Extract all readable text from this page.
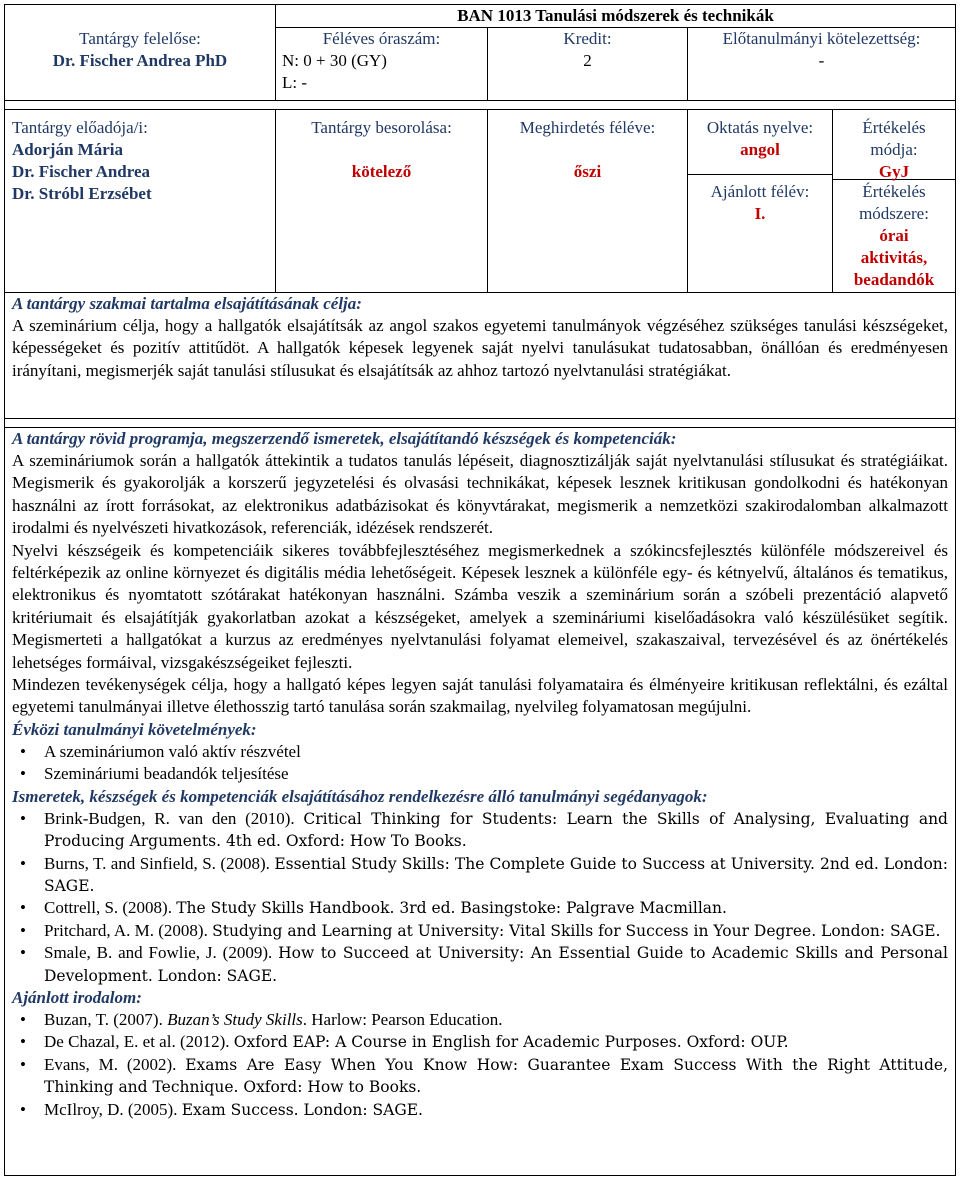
BAN 1013 Tanulási módszerek és technikák
Tantárgy felelőse:
Dr. Fischer Andrea PhD
Féléves óraszám:
N: 0 + 30 (GY)
L: -
Kredit:
2
Előtanulmányi kötelezettség:
-
Tantárgy előadója/i:
Adorján Mária
Dr. Fischer Andrea
Dr. Stróbl Erzsébet
Tantárgy besorolása:
kötelező
Meghirdetés féléve:
őszi
Oktatás nyelve:
angol
Ajánlott félév:
I.
Értékelés
módja:
GyJ
Értékelés
módszere:
órai
aktivitás,
beadandók
A tantárgy szakmai tartalma elsajátításának célja:

A szeminárium célja, hogy a hallgatók elsajátítsák az angol szakos egyetemi tanulmányok végzéséhez szükséges tanulási készségeket, képességeket és pozitív attitűdöt. A hallgatók képesek legyenek saját nyelvi tanulásukat tudatosabban, önállóan és eredményesen irányítani, megismerjék saját tanulási stílusukat és elsajátítsák az ahhoz tartozó nyelvtanulási stratégiákat.

A tantárgy rövid programja, megszerzendő ismeretek, elsajátítandó készségek és kompetenciák:

A szemináriumok során a hallgatók áttekintik a tudatos tanulás lépéseit, diagnosztizálják saját nyelvtanulási stílusukat és stratégiáikat. Megismerik és gyakorolják a korszerű jegyzetelési és olvasási technikákat, képesek lesznek kritikusan gondolkodni és hatékonyan használni az írott forrásokat, az elektronikus adatbázisokat és könyvtárakat, megismerik a nemzetközi szakirodalomban alkalmazott irodalmi és nyelvészeti hivatkozások, referenciák, idézések rendszerét.

Nyelvi készségeik és kompetenciáik sikeres továbbfejlesztéséhez megismerkednek a szókincsfejlesztés különféle módszereivel és feltérképezik az online környezet és digitális média lehetőségeit. Képesek lesznek a különféle egy- és kétnyelvű, általános és tematikus, elektronikus és nyomtatott szótárakat hatékonyan használni. Számba veszik a szeminárium során a szóbeli prezentáció alapvető kritériumait és elsajátítják gyakorlatban azokat a készségeket, amelyek a szemináriumi kiselőadásokra való készülésüket segítik. Megismerteti a hallgatókat a kurzus az eredményes nyelvtanulási folyamat elemeivel, szakaszaival, tervezésével és az önértékelés lehetséges formáival, vizsgakészségeiket fejleszti.

Mindezen tevékenységek célja, hogy a hallgató képes legyen saját tanulási folyamataira és élményeire kritikusan reflektálni, és ezáltal egyetemi tanulmányai illetve élethosszig tartó tanulása során szakmailag, nyelvileg folyamatosan megújulni.

Évközi tanulmányi követelmények:
• A szemináriumon való aktív részvétel
• Szemináriumi beadandók teljesítése
Ismeretek, készségek és kompetenciák elsajátításához rendelkezésre álló tanulmányi segédanyagok:
• Brink-Budgen, R. van den (2010). Critical Thinking for Students: Learn the Skills of Analysing, Evaluating and Producing Arguments. 4th ed. Oxford: How To Books.
• Burns, T. and Sinfield, S. (2008). Essential Study Skills: The Complete Guide to Success at University. 2nd ed. London: SAGE.
• Cottrell, S. (2008). The Study Skills Handbook. 3rd ed. Basingstoke: Palgrave Macmillan.
• Pritchard, A. M. (2008). Studying and Learning at University: Vital Skills for Success in Your Degree. London: SAGE.
• Smale, B. and Fowlie, J. (2009). How to Succeed at University: An Essential Guide to Academic Skills and Personal Development. London: SAGE.
Ajánlott irodalom:
• Buzan, T. (2007). Buzan’s Study Skills. Harlow: Pearson Education.
• De Chazal, E. et al. (2012). Oxford EAP: A Course in English for Academic Purposes. Oxford: OUP.
• Evans, M. (2002). Exams Are Easy When You Know How: Guarantee Exam Success With the Right Attitude, Thinking and Technique. Oxford: How to Books.
• McIlroy, D. (2005). Exam Success. London: SAGE.
